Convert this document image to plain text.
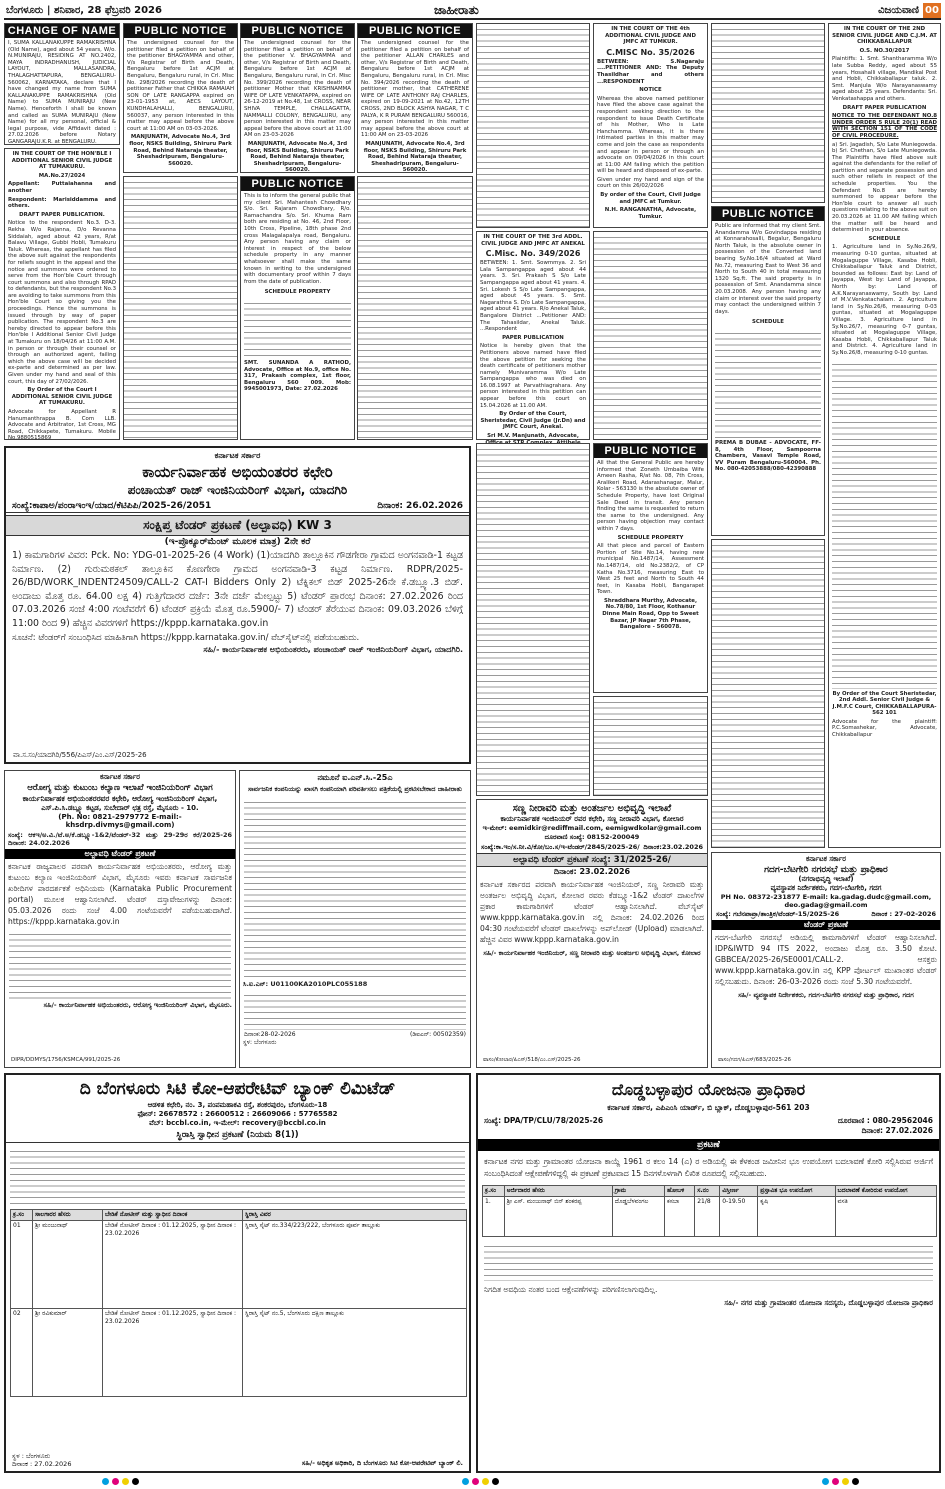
ಬೆಂಗಳೂರು | ಶನಿವಾರ, 28 ಫೆಬ್ರವರಿ 2026	ಜಾಹೀರಾತು	ವಿಜಯವಾಣಿ 00
CHANGE OF NAME
I, SUMA KALLANAKUPPE RAMAKRISHNA (Old Name), aged about 54 years, W/o. N.MUNIRAJU, RESIDING AT NO.2402, MAYA INDRADHANUSH, JUDICIAL LAYOUT, MALLASANDRA, THALAGHATTAPURA, BENGALURU-560062, KARNATAKA, declare that I have changed my name from SUMA KALLANAKUPPE RAMAKRISHNA (Old Name) to SUMA MUNIRAJU (New Name). Henceforth I shall be known and called as SUMA MUNIRAJU (New Name) for all my personal, official & legal purpose, vide Affidavit dated : 27.02.2026 before Notary GANGARAJU.K.R. at BENGALURU.
IN THE COURT OF THE HON'BLE I ADDITIONAL SENIOR CIVIL JUDGE AT TUMAKURU.
MA.No.27/2024
Appellant: Puttaiahanna and another
Respondent: Marisiddamma and others.
DRAFT PAPER PUBLICATION.
Notice to the respondent No.3. D-3. Rekha W/o Rajanna, D/o Revanna Siddaiah, aged about 42 years, R/at Balavu Village, Gubbi Hobli, Tumakuru Taluk. Whereas, the appellant has filed the above suit against the respondents for reliefs sought in the appeal and the notice and summons were ordered to serve from the Hon'ble Court through court summons and also through RPAD to defendants, but the respondent No.3 are avoiding to take summons from this Hon'ble Court so giving you the proceedings. Hence the summons is issued through by way of paper publication. The respondent No.3 are hereby directed to appear before this Hon'ble I Additional Senior Civil Judge at Tumakuru on 18/04/26 at 11:00 A.M. in person or through their counsel or through an authorized agent, failing which the above case will be decided ex-parte and determined as per law. Given under my hand and seal of this court, this day of 27/02/2026.
By Order of the Court I ADDITIONAL SENIOR CIVIL JUDGE AT TUMAKURU.
Advocate for Appellant R Hanumanthrappa B. Com LLB. Advocate and Arbitrator, 1st Cross, MG Road, Chikkapete, Tumakuru. Mobile No.9880515869
PUBLIC NOTICE
The undersigned counsel for the petitioner filed a petition on behalf of the petitioner BHAGYAMMA and other, V/s Registrar of Birth and Death, Bengaluru before 1st ACJM at Bengaluru, Bengaluru rural, in Crl. Misc No. 298/2026 recording the death of petitioner Father that CHIKKA RAMAIAH SON OF LATE RANGAPPA expired on 23-01-1953 at, AECS LAYOUT, KUNDHALAHALLI, BENGALURU, 560037, any person interested in this matter may appeal before the above court at 11:00 AM on 03-03-2026.
MANJUNATH, Advocate No.4, 3rd floor, NSKS Building, Shiruru Park Road, Behind Nataraja theater, Sheshadripuram, Bengaluru-560020.
PUBLIC NOTICE
The undersigned counsel for the petitioner filed a petition on behalf of the petitioner V. BHAGYAMMA and other, V/s Registrar of Birth and Death, Bengaluru before 1st ACJM at Bengaluru, Bengaluru rural, in Crl. Misc No. 399/2026 recording the death of petitioner Mother that KRISHNAMMA WIFE OF LATE VENKATAPPA, expired on 26-12-2019 at No.48, 1st CROSS, NEAR SHIVA TEMPLE, CHALLAGATTA, NAMMALLI COLONY, BENGALURU, any person interested in this matter may appeal before the above court at 11:00 AM on 23-03-2026
MANJUNATH, Advocate No.4, 3rd floor, NSKS Building, Shiruru Park Road, Behind Nataraja theater, Sheshadripuram, Bengaluru-560020.
PUBLIC NOTICE
The undersigned counsel for the petitioner filed a petition on behalf of the petitioner ALLAN CHARLES and other, V/s Registrar of Birth and Death, Bengaluru before 1st ACJM at Bengaluru, Bengaluru rural, in Crl. Misc No. 394/2026 recording the death of petitioner mother, that CATHERENE WIFE OF LATE ANTHONY RAJ CHARLES, expired on 19-09-2021 at No.42, 12TH CROSS, 2ND BLOCK ASHYA NAGAR, T C PALYA, K R PURAM BENGALURU 560016, any person interested in this matter may appeal before the above court at 11:00 AM on 23-03-2026
MANJUNATH, Advocate No.4, 3rd floor, NSKS Building, Shiruru Park Road, Behind Nataraja theater, Sheshadripuram, Bengaluru-560020.
PUBLIC NOTICE
This is to inform the general public that my client Sri. Mahantesh Chowdhary S/o. Sri. Rajaram Chowdhary, R/o. Ramachandra S/o. Sri. Khuma Ram both are residing at No. 46, 2nd Floor, 10th Cross, Pipeline, 18th phase 2nd cross Malagalapalya road, Bengaluru. Any person having any claim or interest in respect of the below schedule property in any manner whatsoever shall make the same known in writing to the undersigned with documentary proof within 7 days from the date of publication.
SCHEDULE PROPERTY
SMT. SUNANDA A RATHOD, Advocate, Office at No.9, office No. 317, Prakash complex, 1st floor, Bengaluru 560 009. Mob: 9945001973, Date: 27.02.2026
IN THE COURT OF THE 4th ADDITIONAL CIVIL JUDGE AND JMFC AT TUMKUR.
C.MISC No. 35/2026
BETWEEN: S.Nagaraju ....PETITIONER AND: The Deputy Thasildhar and others ...RESPONDENT
NOTICE
Whereas the above named petitioner have filed the above case against the respondent seeking direction to the respondent to issue Death Certificate of his Mother, Who is Late Hanchamma. Whereas, it is there intimated parties in this matter may come and join the case as respondents and appear in person or through an advocate on 09/04/2026 in this court at 11:00 AM failing which the petition will be heard and disposed of ex-parte.
Given under my hand and sign of the court on this 26/02/2026
By order of the Court, Civil Judge and JMFC at Tumkur.
N.H. RANGANATHA, Advocate, Tumkur.
IN THE COURT OF THE 3rd ADDL. CIVIL JUDGE AND JMFC AT ANEKAL
C.Misc. No. 349/2026
BETWEEN: 1. Smt. Sowmmya. 2. Sri Lala Sampangappa aged about 44 years. 3. Sri. Prakash S S/o Late Sampangappa aged about 41 years. 4. Sri. Lokesh S S/o Late Sampangappa, aged about 45 years. 5. Smt. Nagarathna S. D/o Late Sampangappa, aged about 41 years. R/o Anekal Taluk, Bangalore District ...Petitioner AND: The Tahasildar, Anekal Taluk. ...Respondent
PAPER PUBLICATION
Notice is hereby given that the Petitioners above named have filed the above petition for seeking the death certificate of petitioners mother namely Munivaramma W/o Late Sampangappa who was died on 16.08.1997 at Parvathiagrahara. Any person interested in this petition can appear before this court on 15.04.2026 at 11.00 AM.
By Order of the Court, Sheristedar, Civil Judge (Jr.Dn) and JMFC Court, Anekal.
Sri M.V. Manjunath, Advocate,
PUBLIC NOTICE
Public are informed that my client Smt. Anandamma W/o Govindappa residing at Konnarahosalli, Begalur, Bengaluru North Taluk, is the absolute owner in possession of the Converted land bearing Sy.No.16/4 situated at Ward No.72, measuring East to West 36 and North to South 40 in total measuring 1320 Sq.ft. The said property is in possession of Smt. Anandamma since 20.03.2008. Any person having any claim or interest over the said property may contact the undersigned within 7 days.
SCHEDULE
PREMA B DUBAE - ADVOCATE, FF-8, 4th Floor, Sampoorna Chambers, Vasavi Temple Road, VV Puram Bengaluru-560004. Ph. No. 080-42053888/080-42390888
IN THE COURT OF THE 2ND SENIOR CIVIL JUDGE AND C.J.M. AT CHIKKABALLAPUR
O.S. NO.30/2017
Plaintiffs: 1. Smt. Shantharamma W/o late Subba Reddy, aged about 55 years, Hosahalli village, Mandikal Post and Hobli, Chikkaballapur taluk. 2. Smt. Manjula W/o Narayanaswamy aged about 25 years. Defendants: Sri. Venkatashappa and others.
DRAFT PAPER PUBLICATION
NOTICE TO THE DEFENDANT NO.8 UNDER ORDER 5 RULE 20(1) READ WITH SECTION 151 OF THE CODE OF CIVIL PROCEDURE.
a) Sri. Jagadish, S/o Late Muniegowda. b) Sri. Chethan, S/o Late Muniegowda. The Plaintiffs have filed above suit against the defendants for the relief of partition and separate possession and such other reliefs in respect of the schedule properties. You the Defendant No.8 are hereby summoned to appear before the Hon'ble court to answer all such questions relating to the above suit on 20.03.2026 at 11.00 AM failing which the matter will be heard and determined in your absence.
SCHEDULE
1. Agriculture land in Sy.No.26/9, measuring 0-10 guntas, situated at Mogalaguppe Village, Kasaba Hobli, Chikkaballapur Taluk and District, bounded as follows: East by: Land of Jayappa, West by: Land of Jayappa, North by: Land of A.K.Narayanaswamy, South by: Land of M.V.Venkatachalam. 2. Agriculture land in Sy.No.26/6, measuring 0-03 guntas, situated at Mogalaguppe Village. 3. Agriculture land in Sy.No.26/7, measuring 0-7 guntas, situated at Mogalaguppe Village, Kasaba Hobli, Chikkaballapur Taluk and District. 4. Agriculture land in Sy.No.26/8, measuring 0-10 guntas.
By Order of the Court Sheristedar, 2nd Addl. Senior Civil Judge & J.M.F.C Court, CHIKKABALLAPURA-562 101
Advocate for the plaintiff: P.C.Somashekar, Advocate, Chikkaballapur
ಕರ್ನಾಟಕ ಸರ್ಕಾರ
ಕಾರ್ಯನಿರ್ವಾಹಕ ಅಭಿಯಂತರರ ಕಛೇರಿ
ಪಂಚಾಯತ್ ರಾಜ್ ಇಂಜಿನಿಯರಿಂಗ್ ವಿಭಾಗ, ಯಾದಗಿರಿ
ಸಂಖ್ಯೆ:ಕಾಪಾಅ/ಪಂರಾಇಂಇ/ಯಾದ/ಕೆಟಿಪಿಪಿ/2025-26/2051	ದಿನಾಂಕ: 26.02.2026
ಸಂಕ್ಷಿಪ್ತ ಟೆಂಡರ್ ಪ್ರಕಟಣೆ (ಅಲ್ಪಾವಧಿ) KW 3
(ಇ-ಪ್ರೊಕ್ಯೂರ್‌ಮೆಂಟ್ ಮೂಲಕ ಮಾತ್ರ) 2ನೇ ಕರೆ
1) ಕಾಮಗಾರಿಗಳ ವಿವರ: Pck. No: YDG-01-2025-26 (4 Work) (1)ಯಾದಗಿರಿ ತಾಲ್ಲೂಕಿನ ಗೌಡಗೇರಾ ಗ್ರಾಮದ ಅಂಗನವಾಡಿ-1 ಕಟ್ಟಡ ನಿರ್ಮಾಣ. (2) ಗುರುಮಠಕಲ್ ತಾಲ್ಲೂಕಿನ ಕೊಣಗೇರಾ ಗ್ರಾಮದ ಅಂಗನವಾಡಿ-3 ಕಟ್ಟಡ ನಿರ್ಮಾಣ. RDPR/2025-26/BD/WORK_INDENT24509/CALL-2 CAT-I Bidders Only 2) ಟೆಕ್ನಿಕಲ್ ಬಿಡ್ 2025-26ನೇ ಕೆ.ಡಬ್ಲ್ಯೂ.3 ಬಿಡ್. ಅಂದಾಜು ಮೊತ್ತ ರೂ. 64.00 ಲಕ್ಷ 4) ಗುತ್ತಿಗೆದಾರರ ದರ್ಜೆ: 3ನೇ ದರ್ಜೆ ಮೇಲ್ಪಟ್ಟು 5) ಟೆಂಡರ್ ಪ್ರಾರಂಭ ದಿನಾಂಕ: 27.02.2026 ರಿಂದ 07.03.2026 ಸಂಜೆ 4:00 ಗಂಟೆವರೆಗೆ 6) ಟೆಂಡರ್ ಪ್ರಕ್ರಿಯೆ ಮೊತ್ತ ರೂ.5900/- 7) ಟೆಂಡರ್ ತೆರೆಯುವ ದಿನಾಂಕ: 09.03.2026 ಬೆಳಿಗ್ಗೆ 11:00 ರಿಂದ 9) ಹೆಚ್ಚಿನ ವಿವರಗಳಿಗೆ https://kppp.karnataka.gov.in
ಸೂಚನೆ: ಟೆಂಡರ್‌ಗೆ ಸಂಬಂಧಿಸಿದ ಮಾಹಿತಿಗಾಗಿ https://kppp.karnataka.gov.in/ ವೆಬ್‌ಸೈಟ್‌ನಲ್ಲಿ ಪಡೆಯಬಹುದು.
ಸಹಿ/- ಕಾರ್ಯನಿರ್ವಾಹಕ ಅಭಿಯಂತರರು, ಪಂಚಾಯತ್ ರಾಜ್ ಇಂಜಿನಿಯರಿಂಗ್ ವಿಭಾಗ, ಯಾದಗಿರಿ.
ವಾ.ಸ.ಸಂ/ಯಾದಗಿರಿ/556/ಪಿಎಸ್/ಎಂ.ಎಸ್/2025-26
PUBLIC NOTICE
All that the General Public are hereby informed that Zoneth Umbaiba Wife Ameen Rasha, R/at No. 08, 7th Cross, Aralikeri Road, Adarashanagar, Malur, Kolar - 563130 is the absolute owner of Schedule Property, have lost Original Sale Deed in transit. Any person finding the same is requested to return the same to the undersigned. Any person having objection may contact within 7 days.
SCHEDULE PROPERTY
All that piece and parcel of Eastern Portion of Site No.14, having new municipal No.1487/14, Assessment No.1487/14, old No.2382/2, of CP Katha No.3716, measuring East to West 25 feet and North to South 44 feet, in Kasaba Hobli, Bangarapet Town.
Shraddhara Murthy, Advocate, No.78/80, 1st Floor, Kothanur Dinne Main Road, Opp to Sweet Bazar, JP Nagar 7th Phase, Bangalore - 560078.
ಕರ್ನಾಟಕ ಸರ್ಕಾರ
ಆರೋಗ್ಯ ಮತ್ತು ಕುಟುಂಬ ಕಲ್ಯಾಣ ಇಲಾಖೆ ಇಂಜಿನಿಯರಿಂಗ್ ವಿಭಾಗ
ಕಾರ್ಯನಿರ್ವಾಹಕ ಅಭಿಯಂತರರವರ ಕಛೇರಿ, ಆರೋಗ್ಯ ಇಂಜಿನಿಯರಿಂಗ್ ವಿಭಾಗ,
ಎಸ್.ಪಿ.ಸಿ.ಡಬ್ಲ್ಯೂ ಕಟ್ಟಡ, ಸುಬೇದಾರ್ ಛತ್ರ ರಸ್ತೆ, ಮೈಸೂರು - 10.
(Ph. No: 0821-2979772 E-mail:-khsdrp.divmys@gmail.com)
ಸಂಖ್ಯೆ: ಆಕಇ/ಅ.ವಿ./ಟೆ.ಅ/ಕೆ.ಡಬ್ಲ್ಯೂ-1&2/ಟೆಂಡರ್-32 ಮತ್ತು 29-29ರ ಕರೆ/2025-26 ದಿನಾಂಕ: 24.02.2026
ಅಲ್ಪಾವಧಿ ಟೆಂಡರ್ ಪ್ರಕಟಣೆ
ಕರ್ನಾಟಕ ರಾಜ್ಯಪಾಲರ ಪರವಾಗಿ ಕಾರ್ಯನಿರ್ವಾಹಕ ಅಭಿಯಂತರರು, ಆರೋಗ್ಯ ಮತ್ತು ಕುಟುಂಬ ಕಲ್ಯಾಣ ಇಂಜಿನಿಯರಿಂಗ್ ವಿಭಾಗ, ಮೈಸೂರು ಇವರು ಕರ್ನಾಟಕ ಸಾರ್ವಜನಿಕ ಖರೀದಿಗಳ ಪಾರದರ್ಶಕತೆ ಅಧಿನಿಯಮ (Karnataka Public Procurement portal) ಮೂಲಕ ಆಹ್ವಾನಿಸಲಾಗಿದೆ. ಟೆಂಡರ್ ದಸ್ತಾವೇಜುಗಳನ್ನು ದಿನಾಂಕ: 05.03.2026 ರಂದು ಸಂಜೆ 4.00 ಗಂಟೆಯವರೆಗೆ ಪಡೆಯಬಹುದಾಗಿದೆ. https://kppp.karnataka.gov.in
ಸಹಿ/- ಕಾರ್ಯನಿರ್ವಾಹಕ ಅಭಿಯಂತರರು, ಆರೋಗ್ಯ ಇಂಜಿನಿಯರಿಂಗ್ ವಿಭಾಗ, ಮೈಸೂರು.
DIPR/DDMYS/1756/KSMCA/991/2025-26
ನಮೂನೆ ಐ.ಎನ್.ಸಿ.-25ಎ
ಸಾರ್ವಜನಿಕ ಕಂಪನಿಯನ್ನು ಖಾಸಗಿ ಕಂಪನಿಯಾಗಿ ಪರಿವರ್ತಿಸಲು ಪತ್ರಿಕೆಯಲ್ಲಿ ಪ್ರಕಟಿಸಬೇಕಾದ ಜಾಹೀರಾತು
ಸಿ.ಐ.ಎನ್: U01100KA2010PLC055188
ದಿನಾಂಕ:28-02-2026	(ಡಿಐಎನ್: 00502359)
ಸ್ಥಳ: ಬೆಂಗಳೂರು
ಸಣ್ಣ ನೀರಾವರಿ ಮತ್ತು ಅಂತರ್ಜಲ ಅಭಿವೃದ್ಧಿ ಇಲಾಖೆ
ಕಾರ್ಯನಿರ್ವಾಹಕ ಇಂಜಿನಿಯರ್ ರವರ ಕಛೇರಿ, ಸಣ್ಣ ನೀರಾವರಿ ವಿಭಾಗ, ಕೋಲಾರ
ಇ-ಮೇಲ್: eemidkir@rediffmail.com, eemigwdkolar@gmail.com
ದೂರವಾಣಿ ಸಂಖ್ಯೆ: 08152-200049
ಸಂಖ್ಯೆ:ಕಾ.ಇಂ/ಸ.ನೀ.ವಿ/ಕೋ/ಬಂ.ಸ/ಇ-ಟೆಂಡರ್/2845/2025-26/ ದಿನಾಂಕ:23.02.2026
ಅಲ್ಪಾವಧಿ ಟೆಂಡರ್ ಪ್ರಕಟಣೆ ಸಂಖ್ಯೆ: 31/2025-26/
ದಿನಾಂಕ: 23.02.2026
ಕರ್ನಾಟಕ ಸರ್ಕಾರದ ಪರವಾಗಿ ಕಾರ್ಯನಿರ್ವಾಹಕ ಇಂಜಿನಿಯರ್, ಸಣ್ಣ ನೀರಾವರಿ ಮತ್ತು ಅಂತರ್ಜಲ ಅಭಿವೃದ್ಧಿ ವಿಭಾಗ, ಕೋಲಾರ ರವರು ಕೆಡಬ್ಲ್ಯೂ-1&2 ಟೆಂಡರ್ ದಾಖಲೆಗಳ ಪ್ರಕಾರ ಕಾಮಗಾರಿಗಳಿಗೆ ಟೆಂಡರ್ ಆಹ್ವಾನಿಸಲಾಗಿದೆ. ವೆಬ್‌ಸೈಟ್ www.kppp.karnataka.gov.in ನಲ್ಲಿ ದಿನಾಂಕ: 24.02.2026 ರಿಂದ 04:30 ಗಂಟೆಯವರೆಗೆ ಟೆಂಡರ್ ದಾಖಲೆಗಳನ್ನು ಅಪ್‌ಲೋಡ್ (Upload) ಮಾಡಲಾಗಿದೆ. ಹೆಚ್ಚಿನ ವಿವರ www.kppp.karnataka.gov.in
ಸಹಿ/- ಕಾರ್ಯನಿರ್ವಾಹಕ ಇಂಜಿನಿಯರ್, ಸಣ್ಣ ನೀರಾವರಿ ಮತ್ತು ಅಂತರ್ಜಲ ಅಭಿವೃದ್ಧಿ ವಿಭಾಗ, ಕೋಲಾರ
ವಾಸಂ/ಕೋಲಾರ/ಪಿಎಸ್/518/ಎಂ.ಎಸ್/2025-26
ಕರ್ನಾಟಕ ಸರ್ಕಾರ
ಗದಗ-ಬೆಟಗೇರಿ ನಗರಸಭೆ ಮತ್ತು ಪ್ರಾಧಿಕಾರ
(ನಗರಾಭಿವೃದ್ಧಿ ಇಲಾಖೆ)
ವ್ಯವಸ್ಥಾಪಕ ನಿರ್ದೇಶಕರು, ಗದಗ-ಬೆಟಗೇರಿ, ಗದಗ
PH No. 08372-231877 E-mail: ka.gadag.dudc@gmail.com, deo.gadag@gmail.com
ಸಂಖ್ಯೆ: ಗಬೆನಪಾಪ್ರಾ/ತಾಂತ್ರಿಕ/ಟೆಂಡರ್-15/2025-26	ದಿನಾಂಕ : 27-02-2026
ಟೆಂಡರ್ ಪ್ರಕಟಣೆ
ಗದಗ-ಬೆಟಗೇರಿ ನಗರಸಭೆ ಅಡಿಯಲ್ಲಿ ಕಾಮಗಾರಿಗಳಿಗೆ ಟೆಂಡರ್ ಆಹ್ವಾನಿಸಲಾಗಿದೆ. IDP&IWTD 94 ITS 2022, ಅಂದಾಜು ಮೊತ್ತ ರೂ. 3.50 ಕೋಟಿ. GBBCEA/2025-26/SE0001/CALL-2. ಆಸಕ್ತರು www.kppp.karnataka.gov.in ನಲ್ಲಿ KPP ಪೋರ್ಟಲ್ ಮುಖಾಂತರ ಟೆಂಡರ್ ಸಲ್ಲಿಸಬಹುದು. ದಿನಾಂಕ: 26-03-2026 ರಂದು ಸಂಜೆ 5.30 ಗಂಟೆಯವರೆಗೆ.
ಸಹಿ/- ವ್ಯವಸ್ಥಾಪಕ ನಿರ್ದೇಶಕರು, ಗದಗ-ಬೆಟಗೇರಿ ನಗರಸಭೆ ಮತ್ತು ಪ್ರಾಧಿಕಾರ, ಗದಗ
ವಾಸಂ/ಗದಗ/ಪಿಎಸ್/683/2025-26
ದಿ ಬೆಂಗಳೂರು ಸಿಟಿ ಕೋ-ಆಪರೇಟಿವ್ ಬ್ಯಾಂಕ್ ಲಿಮಿಟೆಡ್
ಆಡಳಿತ ಕಛೇರಿ, ನಂ. 3, ಪಂಪಮಹಾಕವಿ ರಸ್ತೆ, ಶಂಕರಪುರಂ, ಬೆಂಗಳೂರು-18
ಫೋನ್: 26678572 : 26600512 : 26609066 : 57765582
ವೆಬ್: bccbl.co.in, ಇ-ಮೇಲ್: recovery@bccbl.co.in
ಸ್ಥಿರಾಸ್ತಿ ಸ್ವಾಧೀನ ಪ್ರಕಟಣೆ (ನಿಯಮ 8(1))
ಕ್ರ.ಸಂ	ಸಾಲಗಾರರ ಹೆಸರು	ಬೇಡಿಕೆ ನೋಟೀಸ್ ಮತ್ತು ಸ್ವಾಧೀನ ದಿನಾಂಕ	ಸ್ಥಿರಾಸ್ತಿ ವಿವರ
01	ಶ್ರೀ ಮಂಜುನಾಥ್	ಬೇಡಿಕೆ ನೋಟೀಸ್ ದಿನಾಂಕ : 01.12.2025, ಸ್ವಾಧೀನ ದಿನಾಂಕ : 23.02.2026	ಸ್ಥಿರಾಸ್ತಿ ಸೈಟ್ ನಂ.334/223/222, ಬೆಂಗಳೂರು ಪೂರ್ವ ತಾಲ್ಲೂಕು
02	ಶ್ರೀ ರವಿಕುಮಾರ್	ಬೇಡಿಕೆ ನೋಟೀಸ್ ದಿನಾಂಕ : 01.12.2025, ಸ್ವಾಧೀನ ದಿನಾಂಕ : 23.02.2026	ಸ್ಥಿರಾಸ್ತಿ ಸೈಟ್ ನಂ.5, ಬೆಂಗಳೂರು ದಕ್ಷಿಣ ತಾಲ್ಲೂಕು
ಸ್ಥಳ : ಬೆಂಗಳೂರು
ದಿನಾಂಕ : 27.02.2026	ಸಹಿ/- ಅಧಿಕೃತ ಅಧಿಕಾರಿ, ದಿ ಬೆಂಗಳೂರು ಸಿಟಿ ಕೋ-ಆಪರೇಟಿವ್ ಬ್ಯಾಂಕ್ ಲಿ.
ದೊಡ್ಡಬಳ್ಳಾಪುರ ಯೋಜನಾ ಪ್ರಾಧಿಕಾರ
ಕರ್ನಾಟಕ ಸರ್ಕಾರ, ಎಪಿಎಂಸಿ ಯಾರ್ಡ್, ಬಿ ಬ್ಲಾಕ್, ದೊಡ್ಡಬಳ್ಳಾಪುರ-561 203
ಸಂಖ್ಯೆ: DPA/TP/CLU/78/2025-26	ದೂರವಾಣಿ : 080-29562046
ದಿನಾಂಕ: 27.02.2026
ಪ್ರಕಟಣೆ
ಕರ್ನಾಟಕ ನಗರ ಮತ್ತು ಗ್ರಾಮಾಂತರ ಯೋಜನಾ ಕಾಯ್ದೆ 1961 ರ ಕಲಂ 14 (ಎ) ರ ಅಡಿಯಲ್ಲಿ ಈ ಕೆಳಕಂಡ ಜಮೀನಿನ ಭೂ ಉಪಯೋಗ ಬದಲಾವಣೆ ಕೋರಿ ಸಲ್ಲಿಸಿರುವ ಅರ್ಜಿಗೆ ಸಂಬಂಧಿಸಿದಂತೆ ಆಕ್ಷೇಪಣೆಗಳಿದ್ದಲ್ಲಿ ಈ ಪ್ರಕಟಣೆ ಪ್ರಕಟವಾದ 15 ದಿನಗಳೊಳಗಾಗಿ ಲಿಖಿತ ರೂಪದಲ್ಲಿ ಸಲ್ಲಿಸಬಹುದು.
ಕ್ರ.ಸಂ	ಅರ್ಜಿದಾರರ ಹೆಸರು	ಗ್ರಾಮ	ಹೋಬಳಿ	ಸ.ನಂ	ವಿಸ್ತೀರ್ಣ	ಪ್ರಸ್ತಾವಿತ ಭೂ ಉಪಯೋಗ	ಬದಲಾವಣೆ ಕೋರಿರುವ ಉಪಯೋಗ
1.	ಶ್ರೀ ಎಸ್. ಮಂಜುನಾಥ್ ಬಿನ್ ಶಂಕರಪ್ಪ	ದೊಡ್ಡಬೆಳವಂಗಲ	ಕಸಬಾ	21/8	0-19.50	ಕೃಷಿ	ವಸತಿ
ನಿಗದಿತ ಅವಧಿಯ ನಂತರ ಬಂದ ಆಕ್ಷೇಪಣೆಗಳನ್ನು ಪರಿಗಣಿಸಲಾಗುವುದಿಲ್ಲ.
ಸಹಿ/- ನಗರ ಮತ್ತು ಗ್ರಾಮಾಂತರ ಯೋಜನಾ ಸದಸ್ಯರು, ದೊಡ್ಡಬಳ್ಳಾಪುರ ಯೋಜನಾ ಪ್ರಾಧಿಕಾರ
